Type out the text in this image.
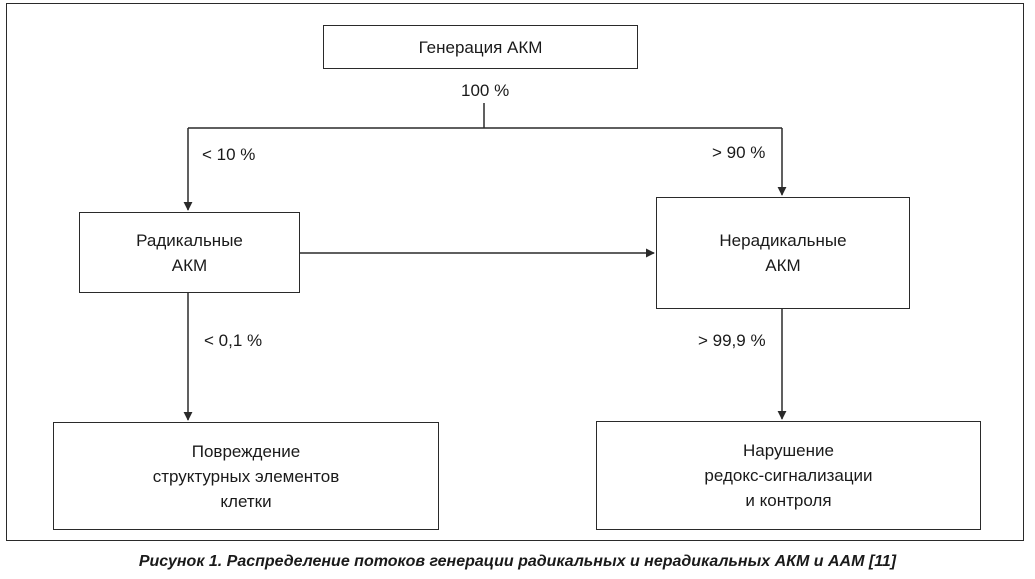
Генерация АКМ
100 %
< 10 %	> 90 %
Радикальные
АКМ
Нерадикальные
АКМ
< 0,1 %	> 99,9 %
Повреждение
структурных элементов
клетки
Нарушение
редокс-сигнализации
и контроля
Рисунок 1. Распределение потоков генерации радикальных и нерадикальных АКМ и ААМ [11]
